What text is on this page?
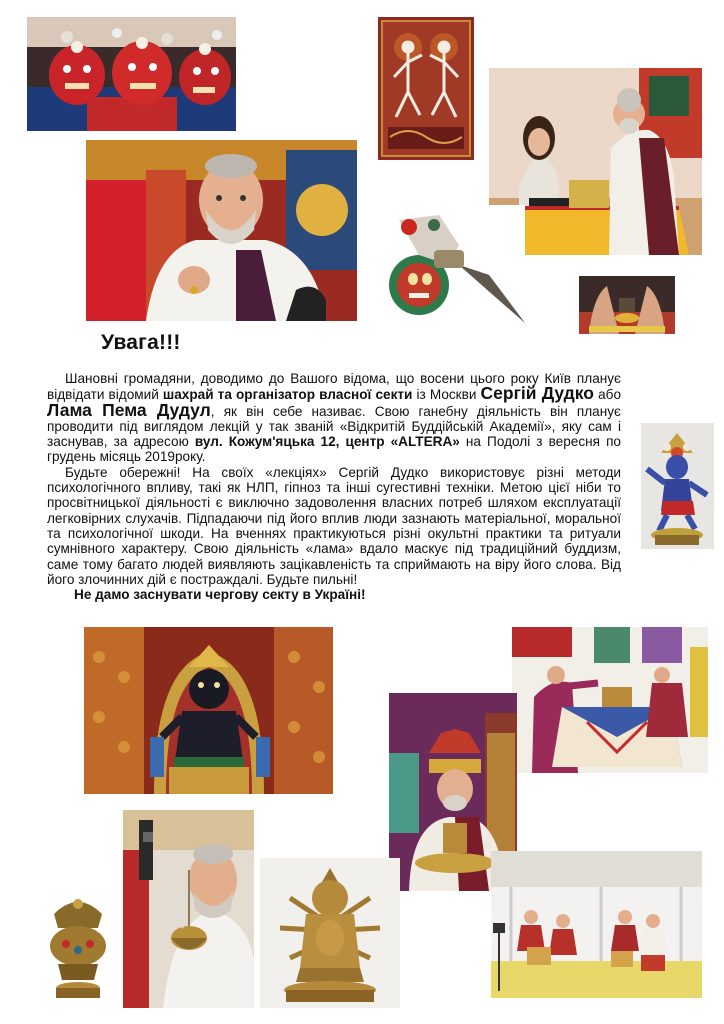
Увага!!!

Шановні громадяни, доводимо до Вашого відома, що восени цього року Київ планує відвідати відомий шахрай та організатор власної секти із Москви Сергій Дудко або Лама Пема Дудул, як він себе називає. Свою ганебну діяльність він планує проводити під виглядом лекцій у так званій «Відкритій Буддійській Академії», яку сам і заснував, за адресою вул. Кожум'яцька 12, центр «ALTERA» на Подолі з вересня по грудень місяць 2019року.

Будьте обережні! На своїх «лекціях» Сергій Дудко використовує різні методи психологічного впливу, такі як НЛП, гіпноз та інші сугестивні техніки. Метою цієї ніби то просвітницької діяльності є виключно задоволення власних потреб шляхом експлуатації легковірних слухачів. Підпадаючи під його вплив люди зазнають матеріальної, моральної та психологічної шкоди. На вченнях практикуються різні окультні практики та ритуали сумнівного характеру. Свою діяльність «лама» вдало маскує під традиційний буддизм, саме тому багато людей виявляють зацікавленість та сприймають на віру його слова. Від його злочинних дій є постраждалі. Будьте пильні!

Не дамо заснувати чергову секту в Україні!
